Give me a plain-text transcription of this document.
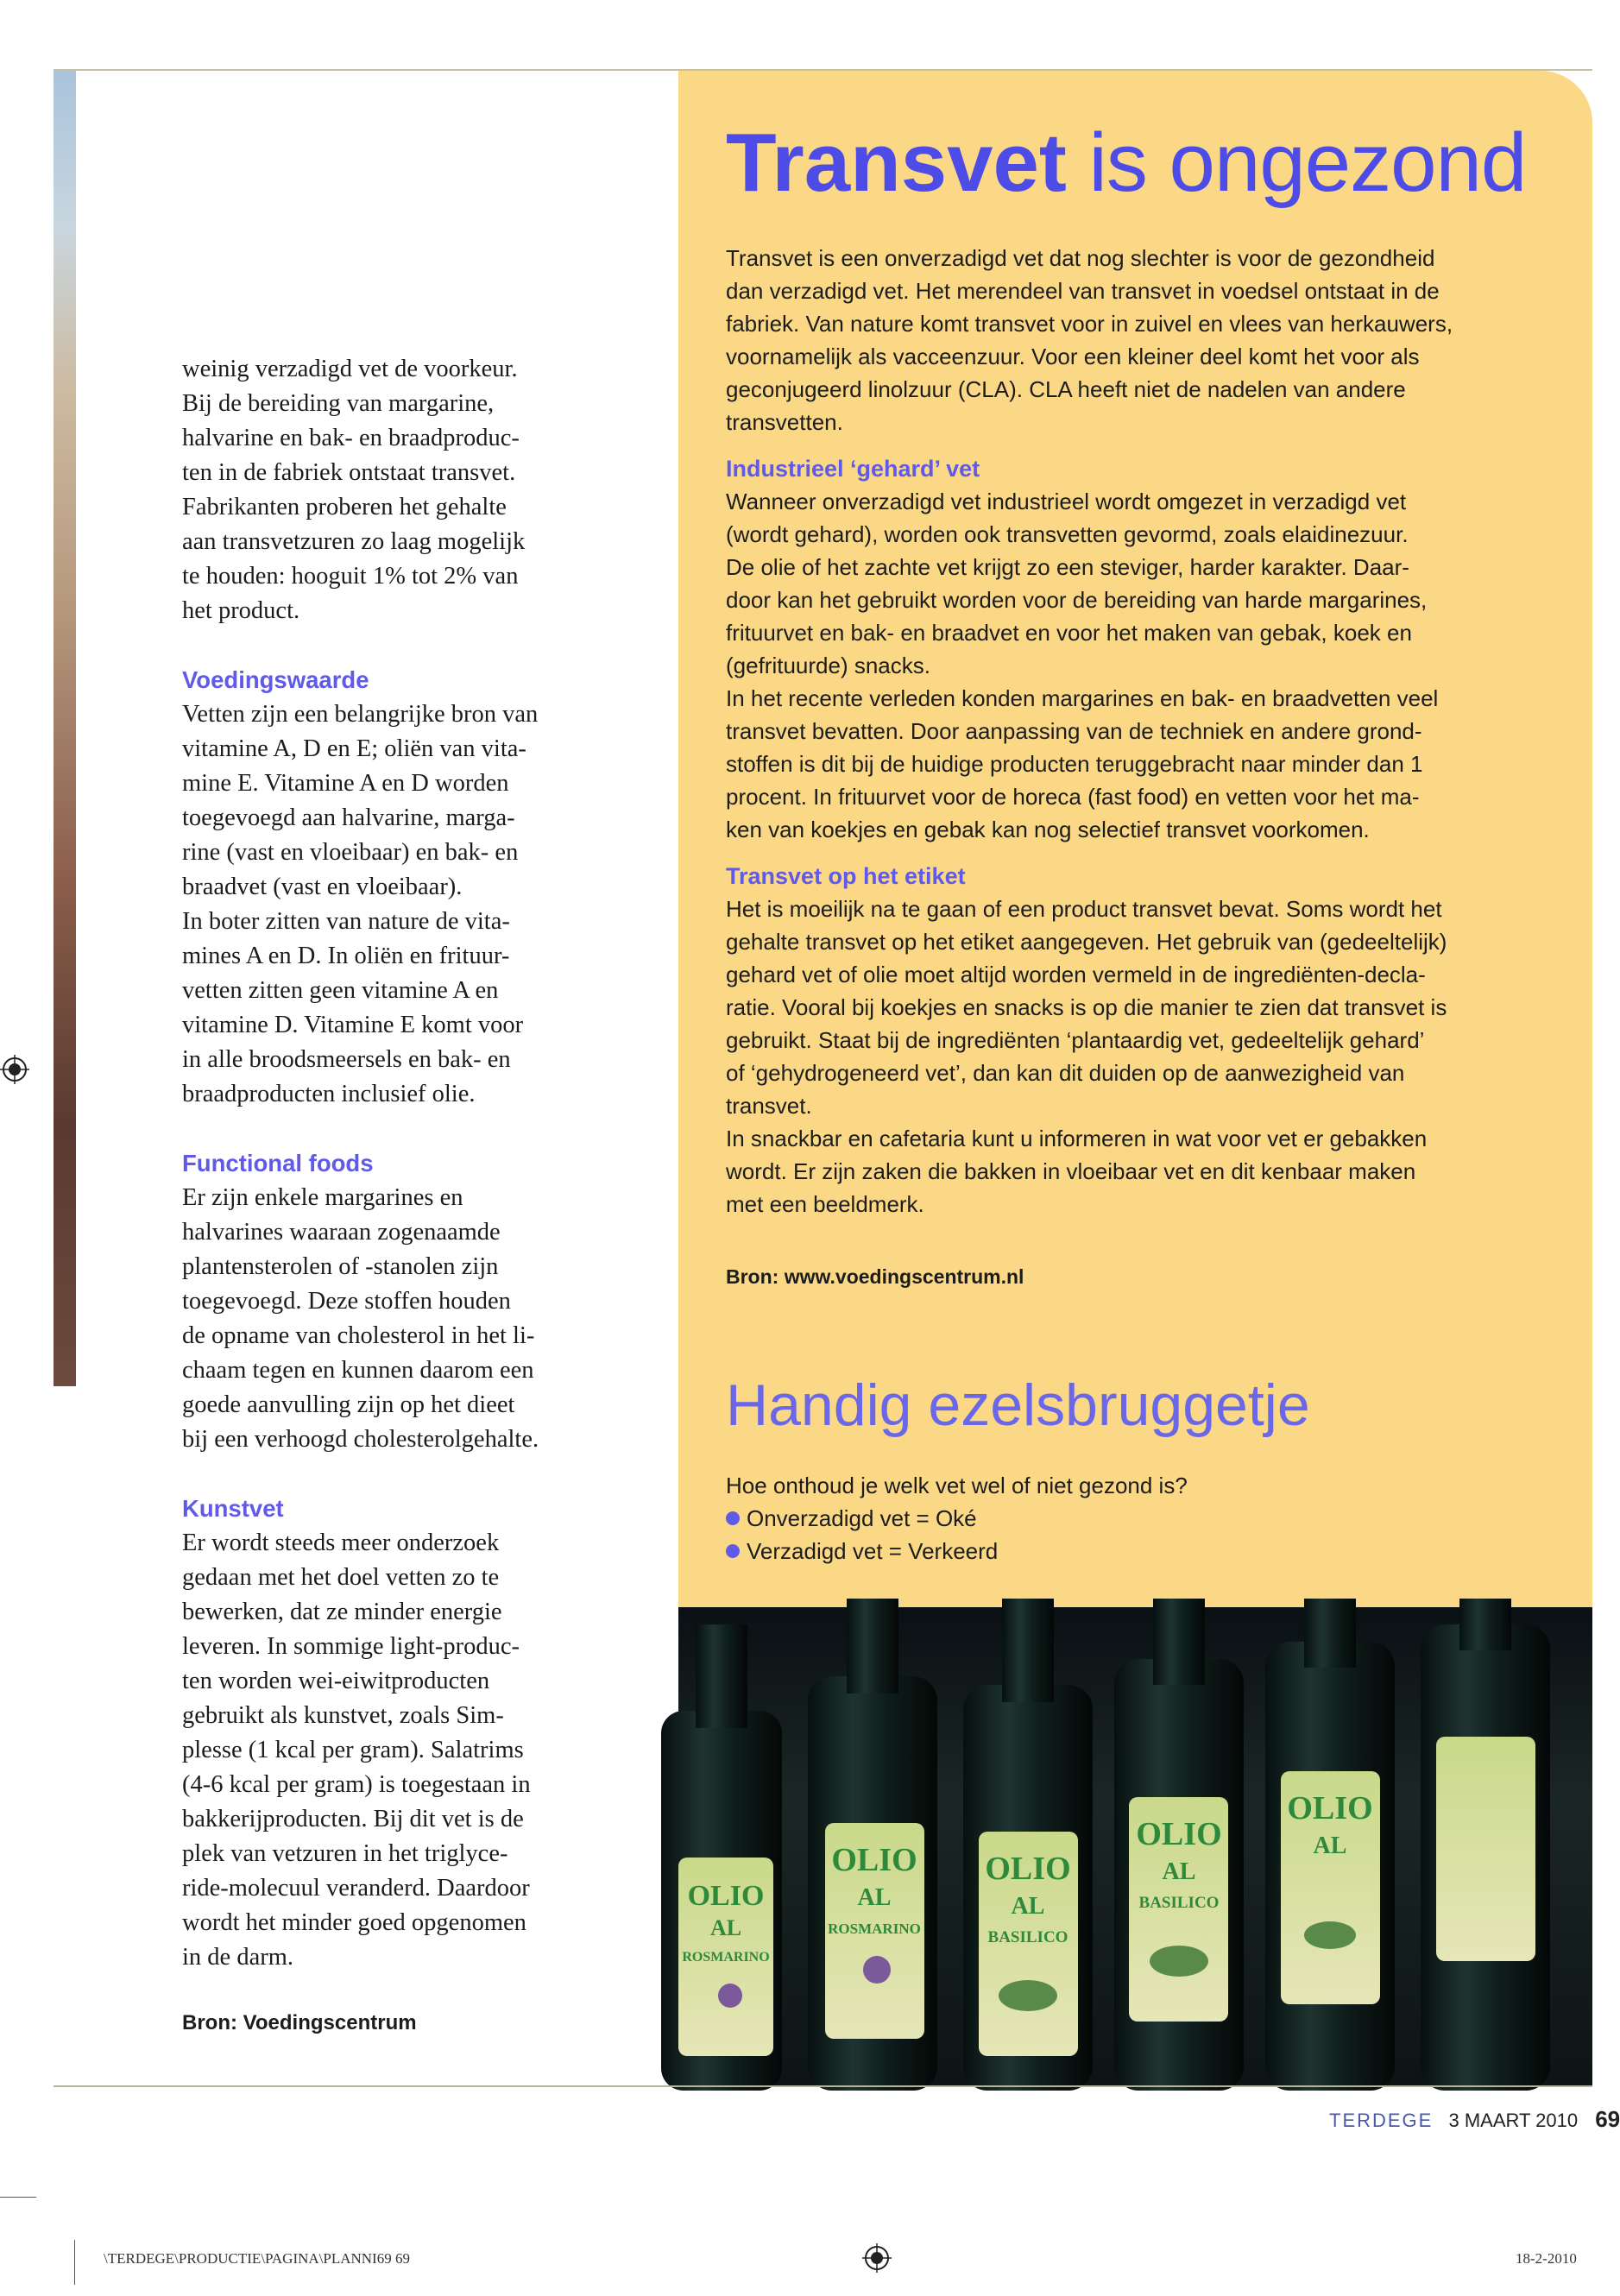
weinig verzadigd vet de voorkeur.
Bij de bereiding van margarine,
halvarine en bak- en braadproduc-
ten in de fabriek ontstaat transvet.
Fabrikanten proberen het gehalte
aan transvetzuren zo laag mogelijk
te houden: hooguit 1% tot 2% van
het product.
Voedingswaarde
Vetten zijn een belangrijke bron van
vitamine A, D en E; oliën van vita-
mine E. Vitamine A en D worden
toegevoegd aan halvarine, marga-
rine (vast en vloeibaar) en bak- en
braadvet (vast en vloeibaar).
In boter zitten van nature de vita-
mines A en D. In oliën en frituur-
vetten zitten geen vitamine A en
vitamine D. Vitamine E komt voor
in alle broodsmeersels en bak- en
braadproducten inclusief olie.
Functional foods
Er zijn enkele margarines en
halvarines waaraan zogenaamde
plantensterolen of -stanolen zijn
toegevoegd. Deze stoffen houden
de opname van cholesterol in het li-
chaam tegen en kunnen daarom een
goede aanvulling zijn op het dieet
bij een verhoogd cholesterolgehalte.
Kunstvet
Er wordt steeds meer onderzoek
gedaan met het doel vetten zo te
bewerken, dat ze minder energie
leveren. In sommige light-produc-
ten worden wei-eiwitproducten
gebruikt als kunstvet, zoals Sim-
plesse (1 kcal per gram). Salatrims
(4-6 kcal per gram) is toegestaan in
bakkerijproducten. Bij dit vet is de
plek van vetzuren in het triglyce-
ride-molecuul veranderd. Daardoor
wordt het minder goed opgenomen
in de darm.
Bron: Voedingscentrum
Transvet is ongezond
Transvet is een onverzadigd vet dat nog slechter is voor de gezondheid
dan verzadigd vet. Het merendeel van transvet in voedsel ontstaat in de
fabriek. Van nature komt transvet voor in zuivel en vlees van herkauwers,
voornamelijk als vacceenzuur. Voor een kleiner deel komt het voor als
geconjugeerd linolzuur (CLA). CLA heeft niet de nadelen van andere
transvetten.
Industrieel ‘gehard’ vet
Wanneer onverzadigd vet industrieel wordt omgezet in verzadigd vet
(wordt gehard), worden ook transvetten gevormd, zoals elaidinezuur.
De olie of het zachte vet krijgt zo een steviger, harder karakter. Daar-
door kan het gebruikt worden voor de bereiding van harde margarines,
frituurvet en bak- en braadvet en voor het maken van gebak, koek en
(gefrituurde) snacks.
In het recente verleden konden margarines en bak- en braadvetten veel
transvet bevatten. Door aanpassing van de techniek en andere grond-
stoffen is dit bij de huidige producten teruggebracht naar minder dan 1
procent. In frituurvet voor de horeca (fast food) en vetten voor het ma-
ken van koekjes en gebak kan nog selectief transvet voorkomen.
Transvet op het etiket
Het is moeilijk na te gaan of een product transvet bevat. Soms wordt het
gehalte transvet op het etiket aangegeven. Het gebruik van (gedeeltelijk)
gehard vet of olie moet altijd worden vermeld in de ingrediënten-decla-
ratie. Vooral bij koekjes en snacks is op die manier te zien dat transvet is
gebruikt. Staat bij de ingrediënten ‘plantaardig vet, gedeeltelijk gehard’
of ‘gehydrogeneerd vet’, dan kan dit duiden op de aanwezigheid van
transvet.
In snackbar en cafetaria kunt u informeren in wat voor vet er gebakken
wordt. Er zijn zaken die bakken in vloeibaar vet en dit kenbaar maken
met een beeldmerk.
Bron: www.voedingscentrum.nl
Handig ezelsbruggetje
Hoe onthoud je welk vet wel of niet gezond is?
Onverzadigd vet = Oké
Verzadigd vet = Verkeerd
OLIO
AL
ROSMARINO
OLIO
AL
ROSMARINO
OLIO
AL
BASILICO
OLIO
AL
BASILICO
OLIO
AL
TERDEGE 3 MAART 2010 69
\TERDEGE\PRODUCTIE\PAGINA\PLANNI69 69	18-2-2010
